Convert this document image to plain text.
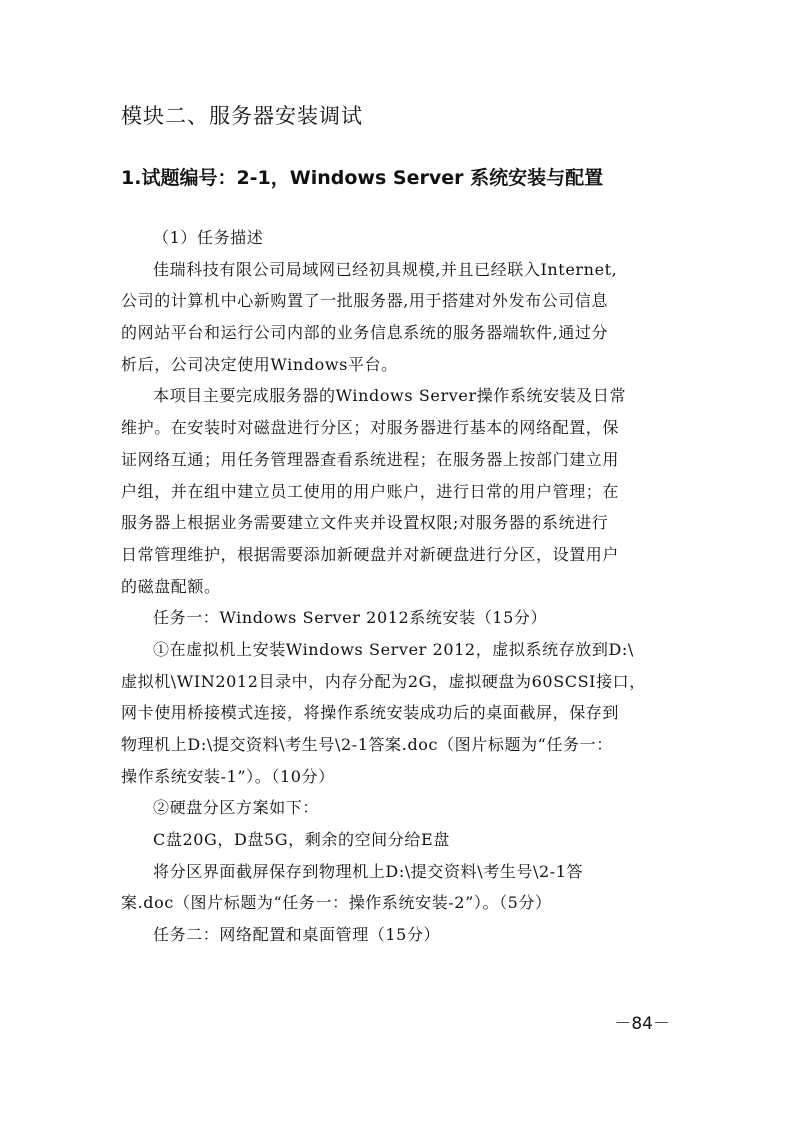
模块二、服务器安装调试
1.试题编号：2-1，Windows Server 系统安装与配置
（1）任务描述
佳瑞科技有限公司局域网已经初具规模,并且已经联入Internet,
公司的计算机中心新购置了一批服务器,用于搭建对外发布公司信息
的网站平台和运行公司内部的业务信息系统的服务器端软件,通过分
析后，公司决定使用Windows平台。
本项目主要完成服务器的Windows Server操作系统安装及日常
维护。在安装时对磁盘进行分区；对服务器进行基本的网络配置，保
证网络互通；用任务管理器查看系统进程；在服务器上按部门建立用
户组，并在组中建立员工使用的用户账户，进行日常的用户管理；在
服务器上根据业务需要建立文件夹并设置权限;对服务器的系统进行
日常管理维护，根据需要添加新硬盘并对新硬盘进行分区，设置用户
的磁盘配额。
任务一：Windows Server 2012系统安装（15分）
①在虚拟机上安装Windows Server 2012，虚拟系统存放到D:\
虚拟机\WIN2012目录中，内存分配为2G，虚拟硬盘为60SCSI接口，
网卡使用桥接模式连接，将操作系统安装成功后的桌面截屏，保存到
物理机上D:\提交资料\考生号\2-1答案.doc（图片标题为“任务一：
操作系统安装-1”）。（10分）
②硬盘分区方案如下：
C盘20G，D盘5G，剩余的空间分给E盘
将分区界面截屏保存到物理机上D:\提交资料\考生号\2-1答
案.doc（图片标题为“任务一：操作系统安装-2”）。（5分）
任务二：网络配置和桌面管理（15分）
－84－
